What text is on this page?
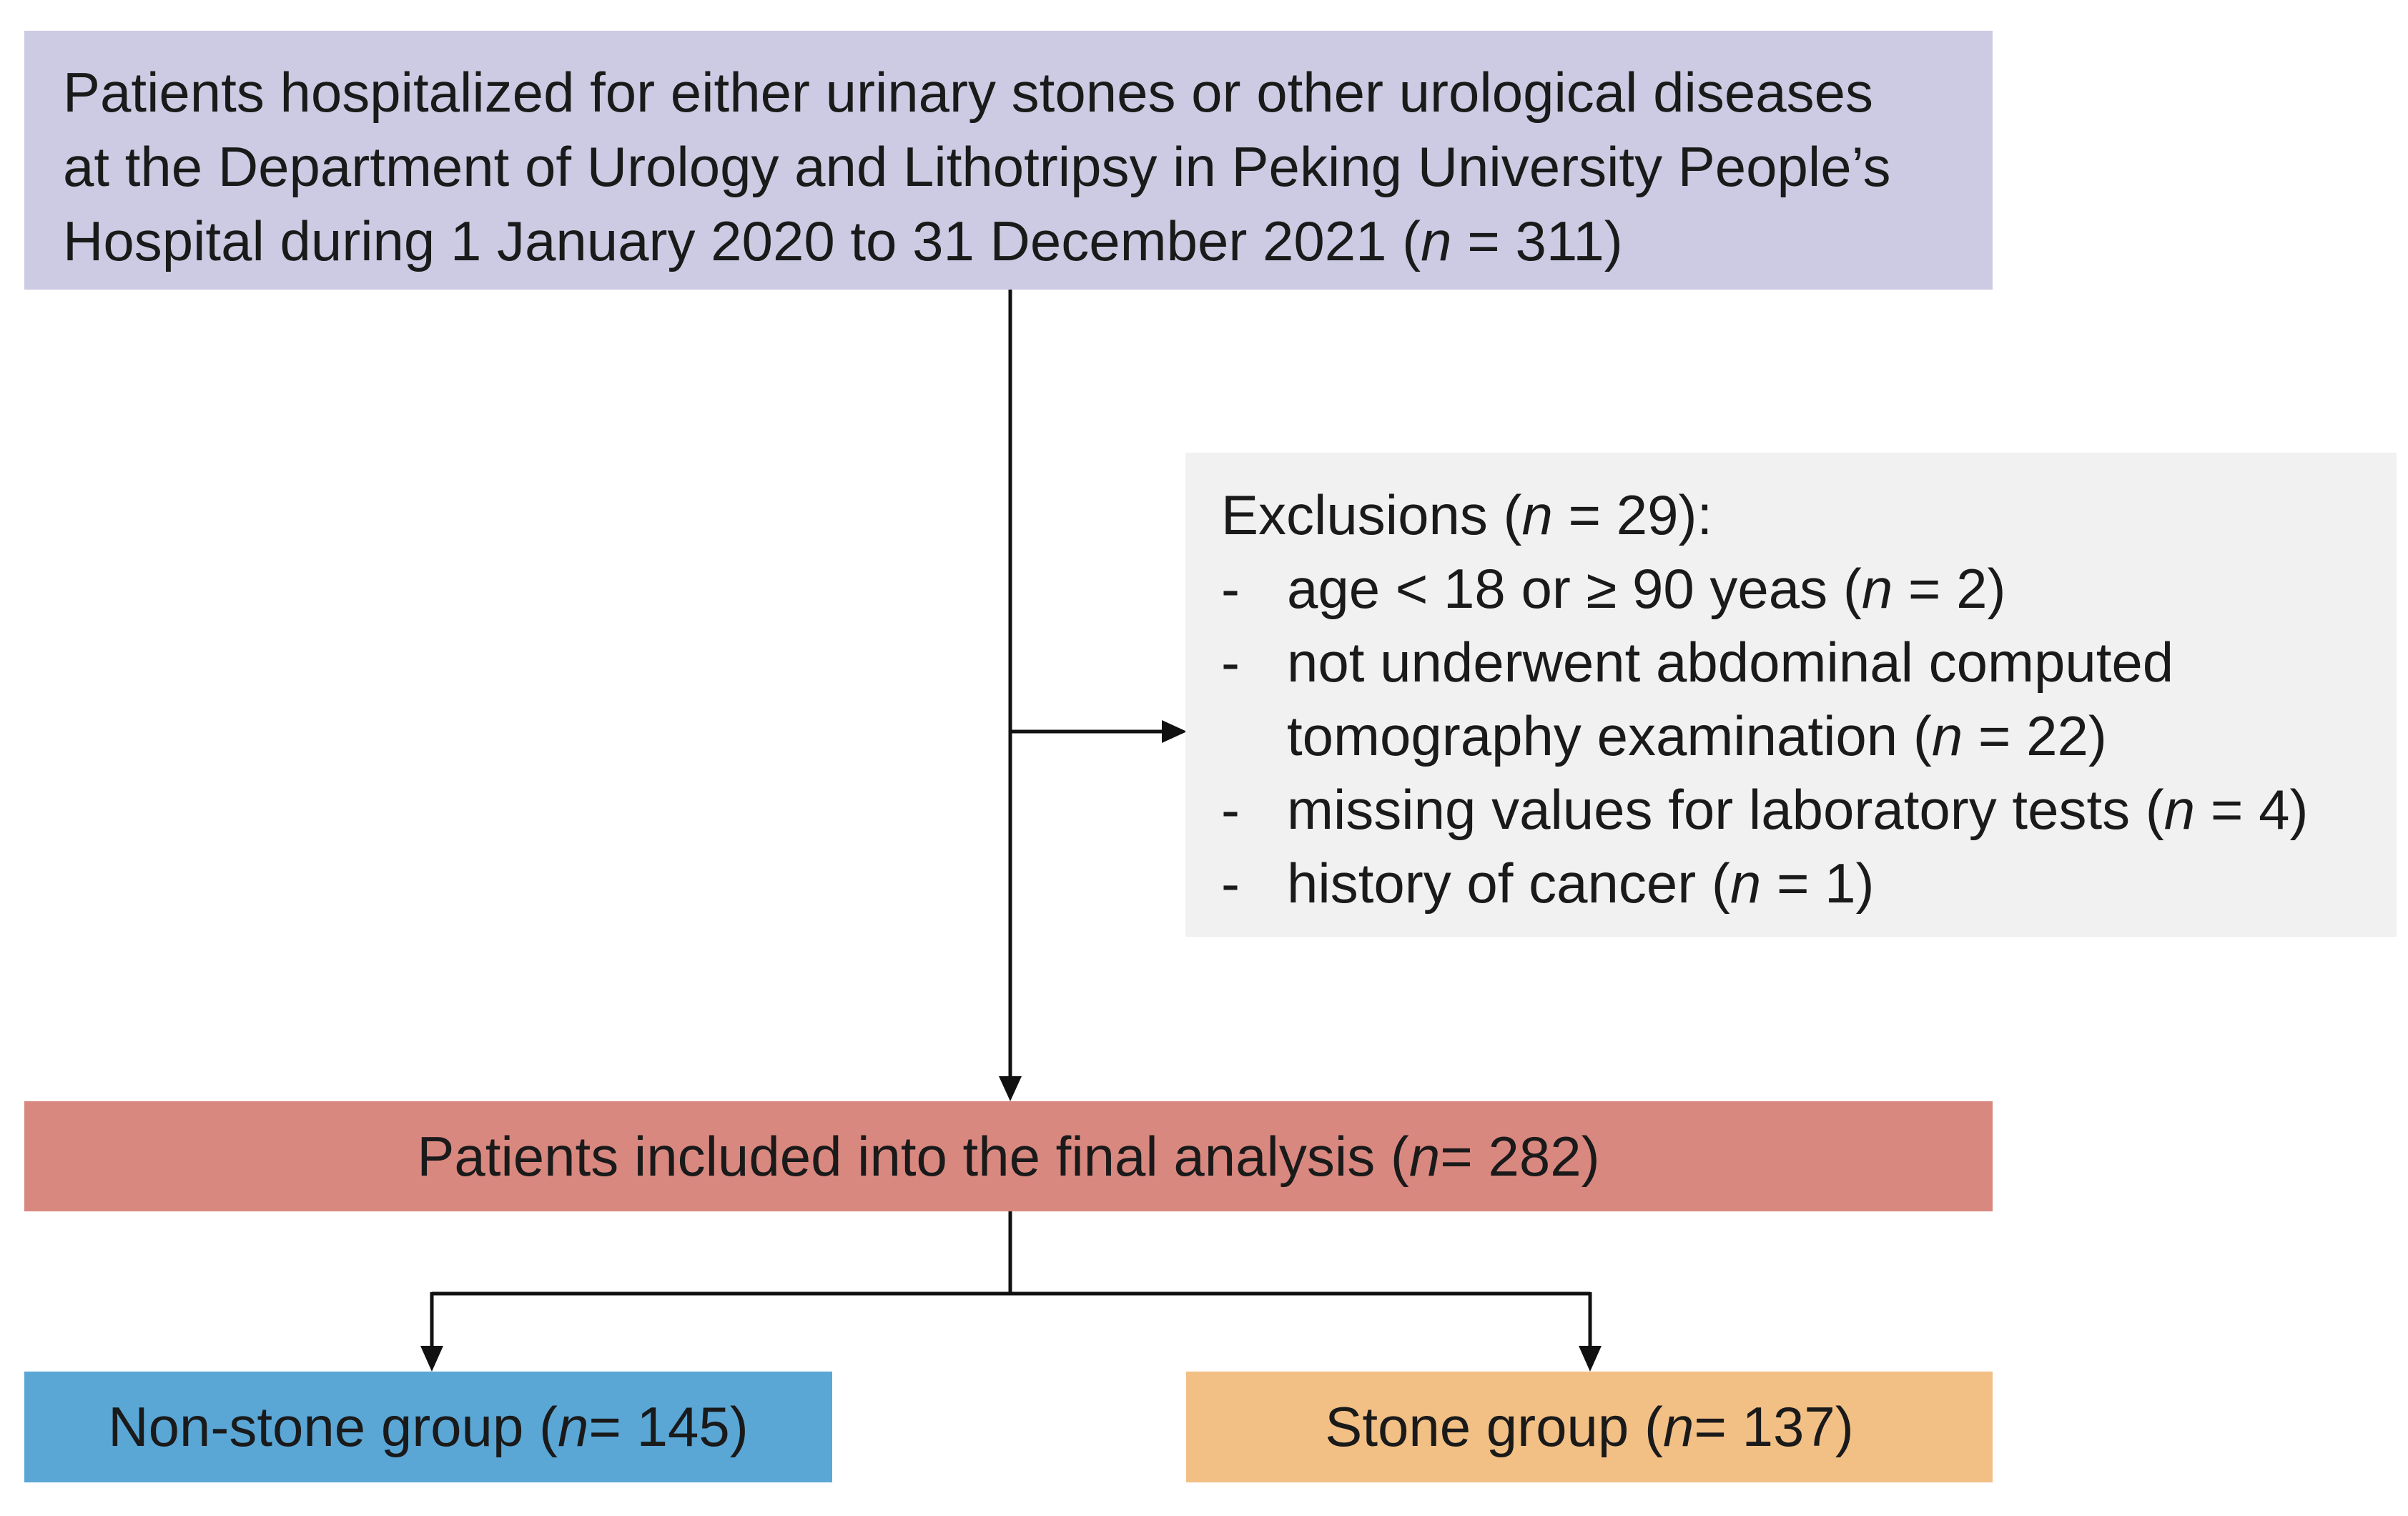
Patients hospitalized for either urinary stones or other urological diseases
at the Department of Urology and Lithotripsy in Peking University People’s
Hospital during 1 January 2020 to 31 December 2021 (n = 311)
Exclusions (n = 29):
- age < 18 or ≥ 90 yeas (n = 2)
- not underwent abdominal computed
tomography examination (n = 22)
- missing values for laboratory tests (n = 4)
- history of cancer (n = 1)
Patients included into the final analysis ( n = 282)
Non-stone group ( n = 145)	Stone group ( n = 137)
